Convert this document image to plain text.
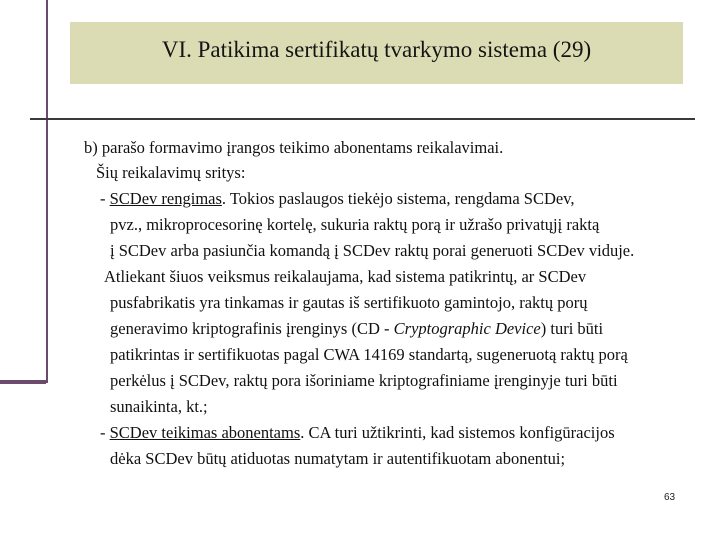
VI. Patikima sertifikatų tvarkymo sistema (29)
b) parašo formavimo įrangos teikimo abonentams reikalavimai.
Šių reikalavimų sritys:
- SCDev rengimas. Tokios paslaugos tiekėjo sistema, rengdama SCDev,
pvz., mikroprocesorinę kortelę, sukuria raktų porą ir užrašo privatųjį raktą
į SCDev arba pasiunčia komandą į SCDev raktų porai generuoti SCDev viduje.
Atliekant šiuos veiksmus reikalaujama, kad sistema patikrintų, ar SCDev
pusfabrikatis yra tinkamas ir gautas iš sertifikuoto gamintojo, raktų porų
generavimo kriptografinis įrenginys (CD - Cryptographic Device) turi būti
patikrintas ir sertifikuotas pagal CWA 14169 standartą, sugeneruotą raktų porą
perkėlus į SCDev, raktų pora išoriniame kriptografiniame įrenginyje turi būti
sunaikinta, kt.;
- SCDev teikimas abonentams. CA turi užtikrinti, kad sistemos konfigūracijos
dėka SCDev būtų atiduotas numatytam ir autentifikuotam abonentui;
63
